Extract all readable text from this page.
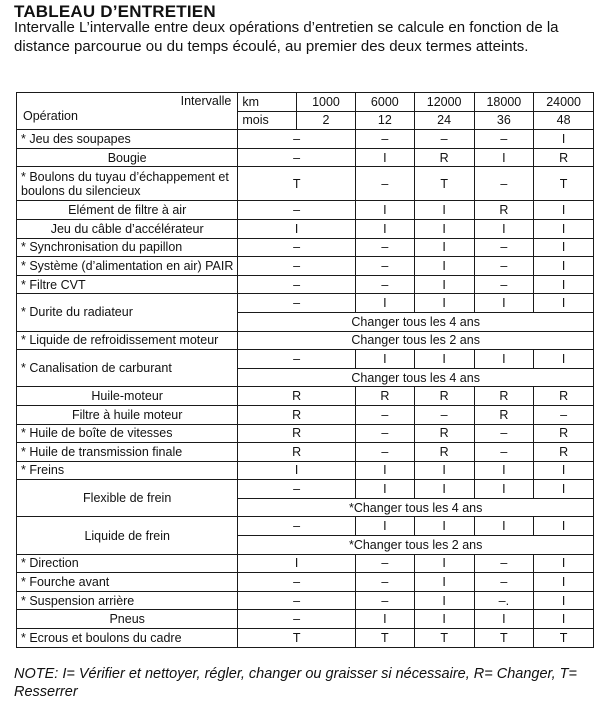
TABLEAU D’ENTRETIEN
Intervalle L’intervalle entre deux opérations d’entretien se calcule en fonction de la distance parcourue ou du temps écoulé, au premier des deux termes atteints.
Intervalle
Opération	km	1000	6000	12000	18000	24000
	mois	2	12	24	36	48
* Jeu des soupapes	–		–	–	–	I
Bougie	–		I	R	I	R
* Boulons du tuyau d’échappement et boulons du silencieux	T		–	T	–	T
Elément de filtre à air	–		I	I	R	I
Jeu du câble d’accélérateur	I		I	I	I	I
* Synchronisation du papillon	–		–	I	–	I
* Système (d’alimentation en air) PAIR	–		–	I	–	I
* Filtre CVT	–		–	I	–	I
* Durite du radiateur	–		I	I	I	I
	Changer tous les 4 ans					
* Liquide de refroidissement moteur	Changer tous les 2 ans					
* Canalisation de carburant	–		I	I	I	I
	Changer tous les 4 ans					
Huile-moteur	R		R	R	R	R
Filtre à huile moteur	R		–	–	R	–
* Huile de boîte de vitesses	R		–	R	–	R
* Huile de transmission finale	R		–	R	–	R
* Freins	I		I	I	I	I
Flexible de frein	–		I	I	I	I
	*Changer tous les 4 ans					
Liquide de frein	–		I	I	I	I
	*Changer tous les 2 ans					
* Direction	I		–	I	–	I
* Fourche avant	–		–	I	–	I
* Suspension arrière	–		–	I	–.	I
Pneus	–		I	I	I	I
* Ecrous et boulons du cadre	T		T	T	T	T
NOTE: I= Vérifier et nettoyer, régler, changer ou graisser si nécessaire, R= Changer, T= Resserrer
